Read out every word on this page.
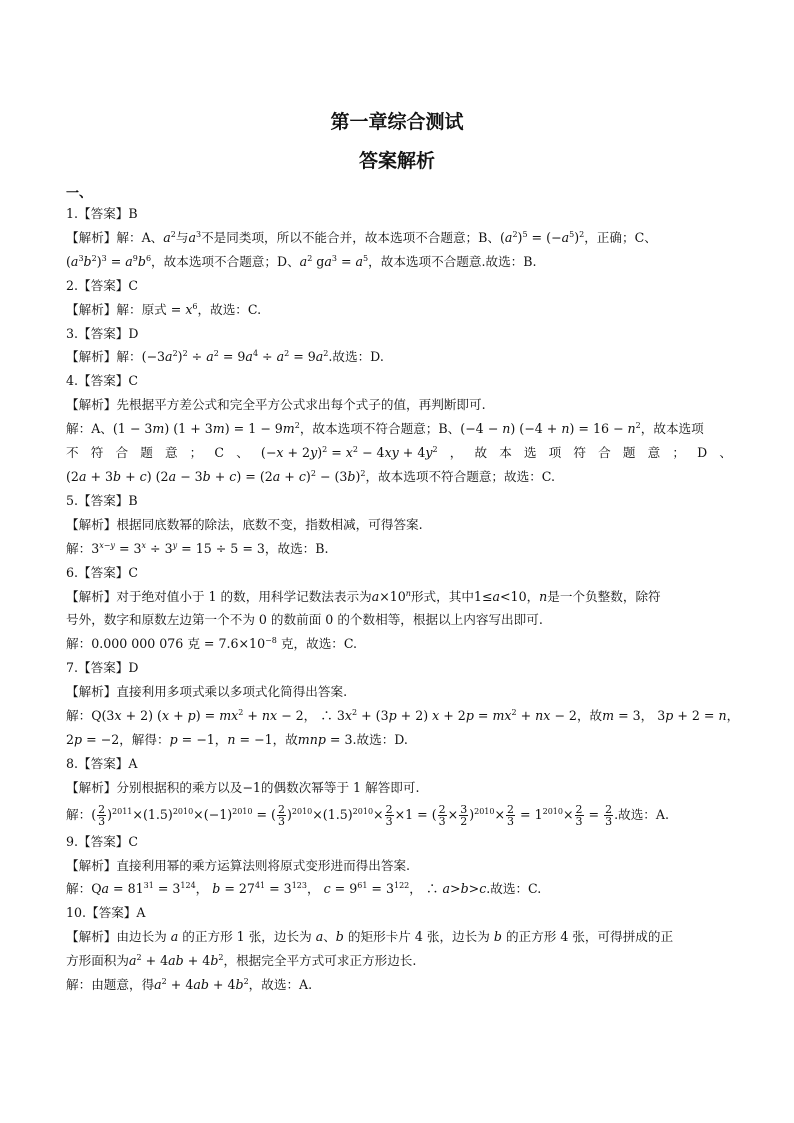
第一章综合测试
答案解析
一、
1.【答案】B
【解析】解：A、$a^2$与$a^3$不是同类项，所以不能合并，故本选项不合题意；B、$(a^2)^5 = (-a^5)^2$，正确；C、
$(a^3b^2)^3 = a^9b^6$，故本选项不合题意；D、$a^2$ $ga^3 = a^5$，故本选项不合题意.故选：B.
2.【答案】C
【解析】解：原式 = $x^6$，故选：C.
3.【答案】D
【解析】解：$(-3a^2)^2 \div a^2 = 9a^4 \div a^2 = 9a^2$.故选：D.
4.【答案】C
【解析】先根据平方差公式和完全平方公式求出每个式子的值，再判断即可.
解：A、(1 − 3m) $(1 + 3m) = 1 - 9m^2$，故本选项不符合题意；B、(−4 − n) $(-4 + n) = 16 - n^2$，故本选项
不 符 合 题 意 ； C 、 $(-x + 2y)^2 = x^2 - 4xy + 4y^2$ ， 故 本 选 项 符 合 题 意 ； D 、
(2a + 3b + c) $(2a - 3b + c) = (2a + c)^2 - (3b)^2$，故本选项不符合题意；故选：C.
5.【答案】B
【解析】根据同底数幂的除法，底数不变，指数相减，可得答案.
解：$3^{x-y} = 3^x \div 3^y = 15 \div 5 = 3$，故选：B.
6.【答案】C
【解析】对于绝对值小于 1 的数，用科学记数法表示为$a\times 10^n$形式，其中1≤a<10，n是一个负整数，除符
号外，数字和原数左边第一个不为 0 的数前面 0 的个数相等，根据以上内容写出即可.
解：0.000 000 076 克 = $7.6\times 10^{-8}$ 克，故选：C.
7.【答案】D
【解析】直接利用多项式乘以多项式化简得出答案.
解：Q(3x + 2) $(x + p) = mx^2$ + nx − 2， ∴ $3x^2 + (3p + 2) x + 2p = mx^2$ + nx − 2，故m = 3， 3p + 2 = n，
2p = −2，解得：p = −1，n = −1，故mnp = 3.故选：D.
8.【答案】A
【解析】分别根据积的乘方以及−1的偶数次幂等于 1 解答即可.
解：( $\frac{2}{3} )^{2011}\times(1.5)^{2010}\times(-1)^{2010}$ = ( $\frac{2}{3} )^{2010}\times(1.5)^{2010}\times \frac{2}{3} \times 1$ = ( $\frac{2}{3} \times \frac{3}{2} )^{2010}\times \frac{2}{3} = 1^{2010}\times \frac{2}{3} = \frac{2}{3}$ .故选：A.
9.【答案】C
【解析】直接利用幂的乘方运算法则将原式变形进而得出答案.
解：$Qa = 81^{31} = 3^{124}$， $b = 27^{41} = 3^{123}$， $c = 9^{61} = 3^{122}$， ∴ a>b>c.故选：C.
10.【答案】A
【解析】由边长为 a 的正方形 1 张，边长为 a、b 的矩形卡片 4 张，边长为 b 的正方形 4 张，可得拼成的正
方形面积为$a^2 + 4ab + 4b^2$，根据完全平方式可求正方形边长.
解：由题意，得$a^2 + 4ab + 4b^2$，故选：A.
